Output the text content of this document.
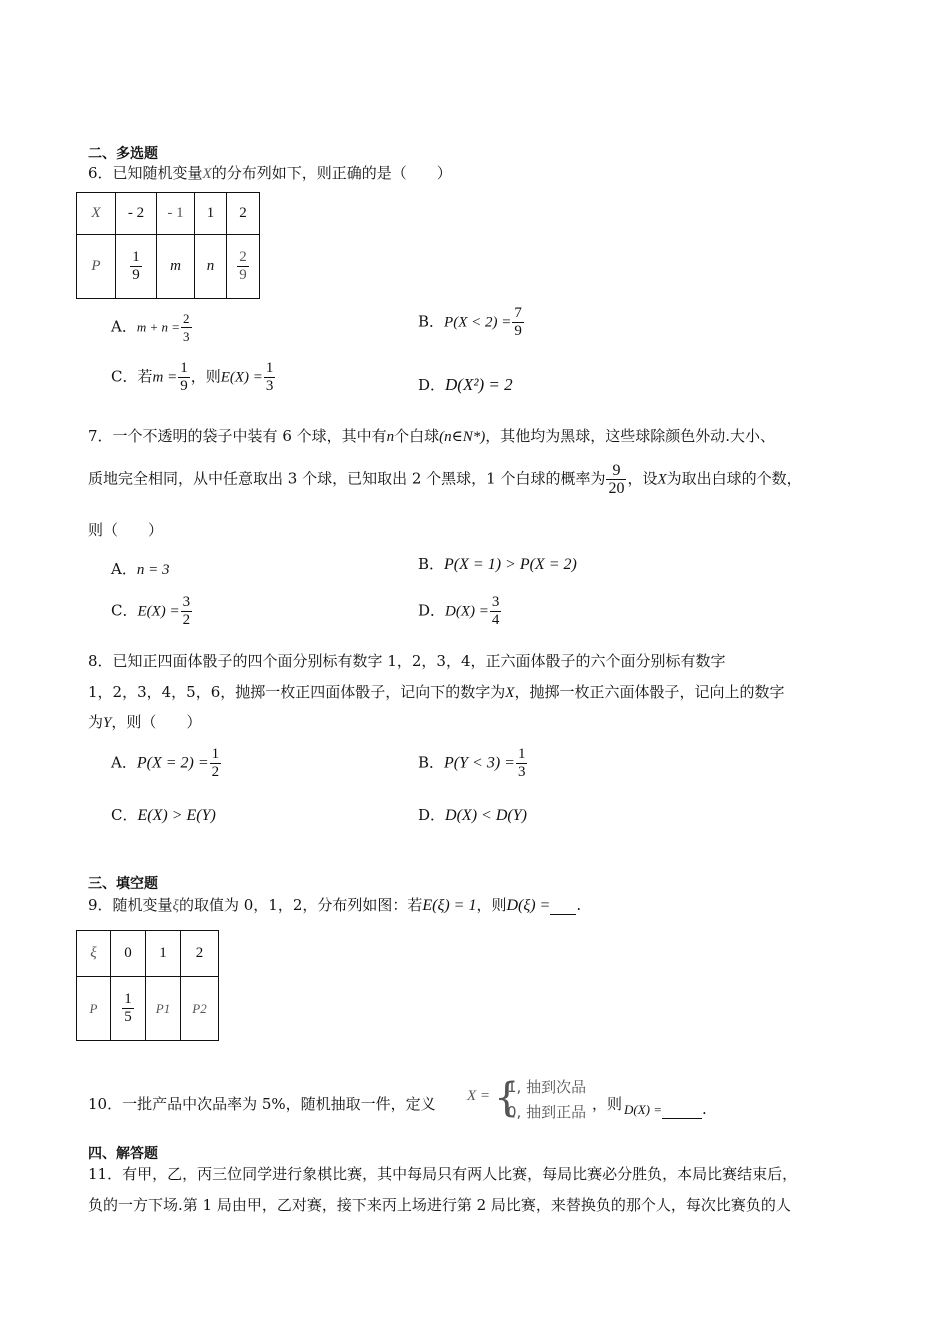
二、多选题
6．已知随机变量X的分布列如下，则正确的是（　　）
X	- 2	- 1	1	2
P	$\frac{1}{9}$	m	n	$\frac{2}{9}$
A．$m + n = \frac{2}{3}$	B．$P(X < 2) = \frac{7}{9}$
C．若$m = \frac{1}{9}$ ，则$E(X) = \frac{1}{3}$	D．D(X²) = 2
7．一个不透明的袋子中装有 6 个球，其中有n个白球(n∈N*)，其他均为黑球，这些球除颜色外动.大小、
质地完全相同，从中任意取出 3 个球，已知取出 2 个黑球，1 个白球的概率为 $\frac{9}{20}$ ，设X为取出白球的个数，
则（　　）
A．n = 3	B．P(X = 1) > P(X = 2)
C．$E(X) = \frac{3}{2}$	D．$D(X) = \frac{3}{4}$
8．已知正四面体骰子的四个面分别标有数字 1，2，3，4，正六面体骰子的六个面分别标有数字
1，2，3，4，5，6，抛掷一枚正四面体骰子，记向下的数字为X，抛掷一枚正六面体骰子，记向上的数字
为Y，则（　　）
A．$P(X = 2) = \frac{1}{2}$	B．$P(Y < 3) = \frac{1}{3}$
C．E(X) > E(Y)	D．D(X) < D(Y)
三、填空题
9．随机变量ξ的取值为 0，1，2，分布列如图：若E(ξ) = 1，则D(ξ) = .
ξ	0	1	2
P	$\frac{1}{5}$	P1	P2
10．一批产品中次品率为 5%，随机抽取一件，定义 X = {
1, 抽到次品
0, 抽到正品 ，则 D(X) =	.
四、解答题
11．有甲，乙，丙三位同学进行象棋比赛，其中每局只有两人比赛，每局比赛必分胜负，本局比赛结束后，
负的一方下场.第 1 局由甲，乙对赛，接下来丙上场进行第 2 局比赛，来替换负的那个人，每次比赛负的人
